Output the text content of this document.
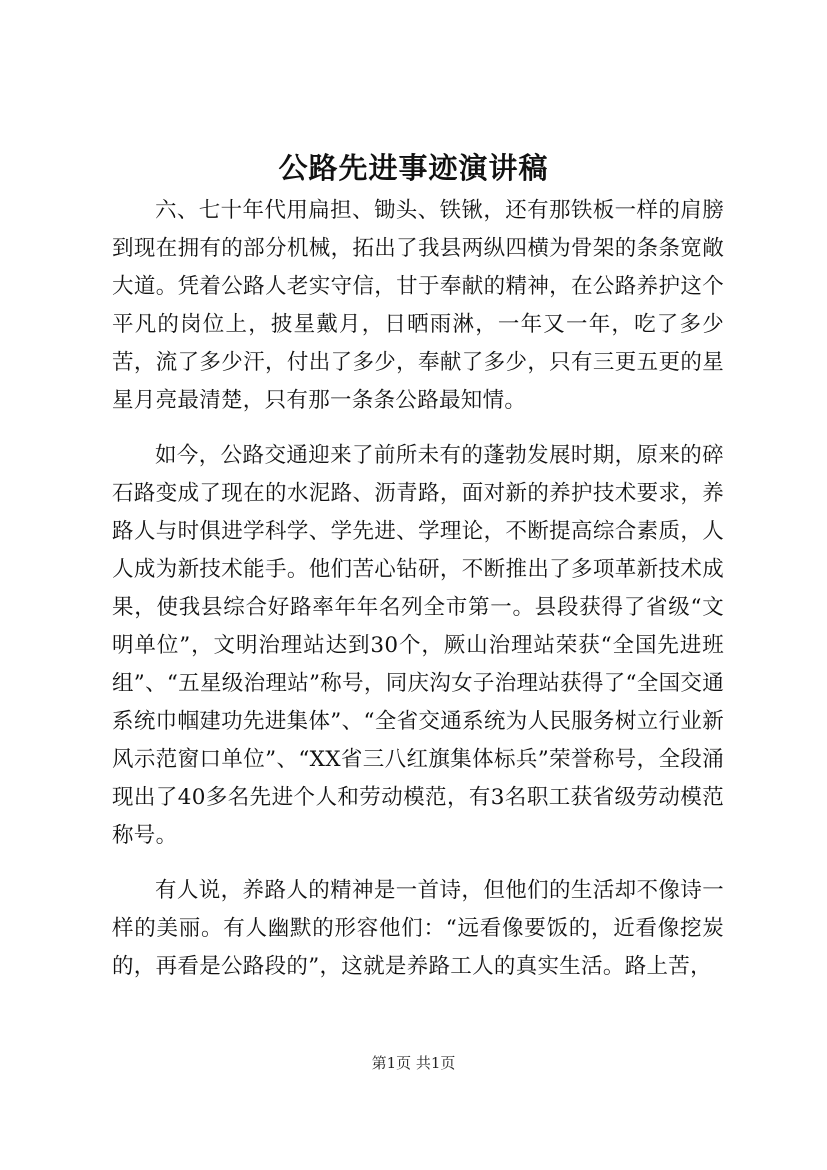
公路先进事迹演讲稿

六、七十年代用扁担、锄头、铁锹，还有那铁板一样的肩膀到现在拥有的部分机械，拓出了我县两纵四横为骨架的条条宽敞大道。凭着公路人老实守信，甘于奉献的精神，在公路养护这个平凡的岗位上，披星戴月，日晒雨淋，一年又一年，吃了多少苦，流了多少汗，付出了多少，奉献了多少，只有三更五更的星星月亮最清楚，只有那一条条公路最知情。

如今，公路交通迎来了前所未有的蓬勃发展时期，原来的碎石路变成了现在的水泥路、沥青路，面对新的养护技术要求，养路人与时俱进学科学、学先进、学理论，不断提高综合素质，人人成为新技术能手。他们苦心钻研，不断推出了多项革新技术成果，使我县综合好路率年年名列全市第一。县段获得了省级“文明单位”，文明治理站达到30个，厥山治理站荣获“全国先进班组”、“五星级治理站”称号，同庆沟女子治理站获得了“全国交通系统巾帼建功先进集体”、“全省交通系统为人民服务树立行业新风示范窗口单位”、“XX省三八红旗集体标兵”荣誉称号，全段涌现出了40多名先进个人和劳动模范，有3名职工获省级劳动模范称号。

有人说，养路人的精神是一首诗，但他们的生活却不像诗一样的美丽。有人幽默的形容他们：“远看像要饭的，近看像挖炭的，再看是公路段的”，这就是养路工人的真实生活。路上苦，

第1页 共1页
